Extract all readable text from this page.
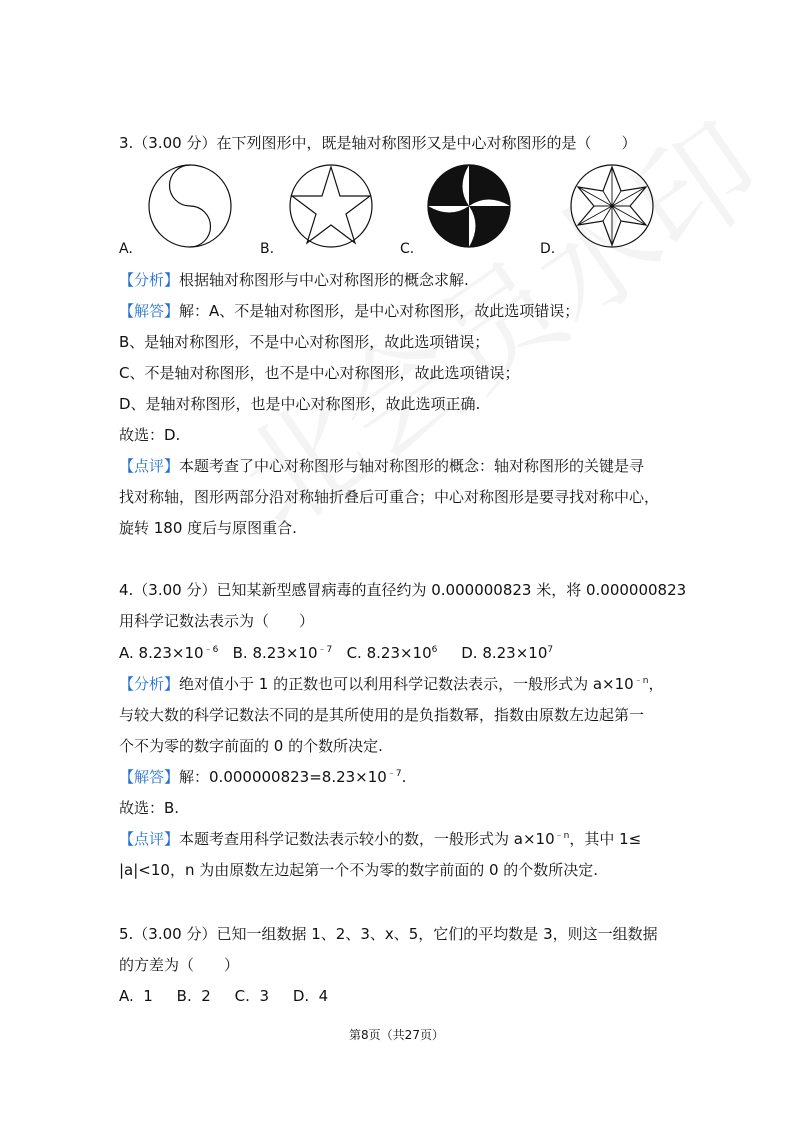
3.（3.00 分）在下列图形中，既是轴对称图形又是中心对称图形的是（　　）
A.	B.	C.	D.
【分析】根据轴对称图形与中心对称图形的概念求解.
【解答】解：A、不是轴对称图形，是中心对称图形，故此选项错误；
B、是轴对称图形，不是中心对称图形，故此选项错误；
C、不是轴对称图形，也不是中心对称图形，故此选项错误；
D、是轴对称图形，也是中心对称图形，故此选项正确.
故选：D.
【点评】本题考查了中心对称图形与轴对称图形的概念：轴对称图形的关键是寻
找对称轴，图形两部分沿对称轴折叠后可重合；中心对称图形是要寻找对称中心，
旋转 180 度后与原图重合.
4.（3.00 分）已知某新型感冒病毒的直径约为 0.000000823 米，将 0.000000823
用科学记数法表示为（　　）
A. $8.23\times 10^{﹣6}$ B. $8.23\times 10^{﹣7}$ C. $8.23\times 10^6$ D. $8.23\times 10^7$
【分析】绝对值小于 1 的正数也可以利用科学记数法表示，一般形式为 $a\times 10^{﹣n}$，
与较大数的科学记数法不同的是其所使用的是负指数幂，指数由原数左边起第一
个不为零的数字前面的 0 的个数所决定.
【解答】解：$0.000000823=8.23\times 10^{﹣7}$.
故选：B.
【点评】本题考查用科学记数法表示较小的数，一般形式为 $a\times 10^{﹣n}$，其中 1≤
|a|<10，n 为由原数左边起第一个不为零的数字前面的 0 的个数所决定.
5.（3.00 分）已知一组数据 1、2、3、x、5，它们的平均数是 3，则这一组数据
的方差为（　　）
A.  1     B.  2     C.  3     D.  4
第8页（共27页）
